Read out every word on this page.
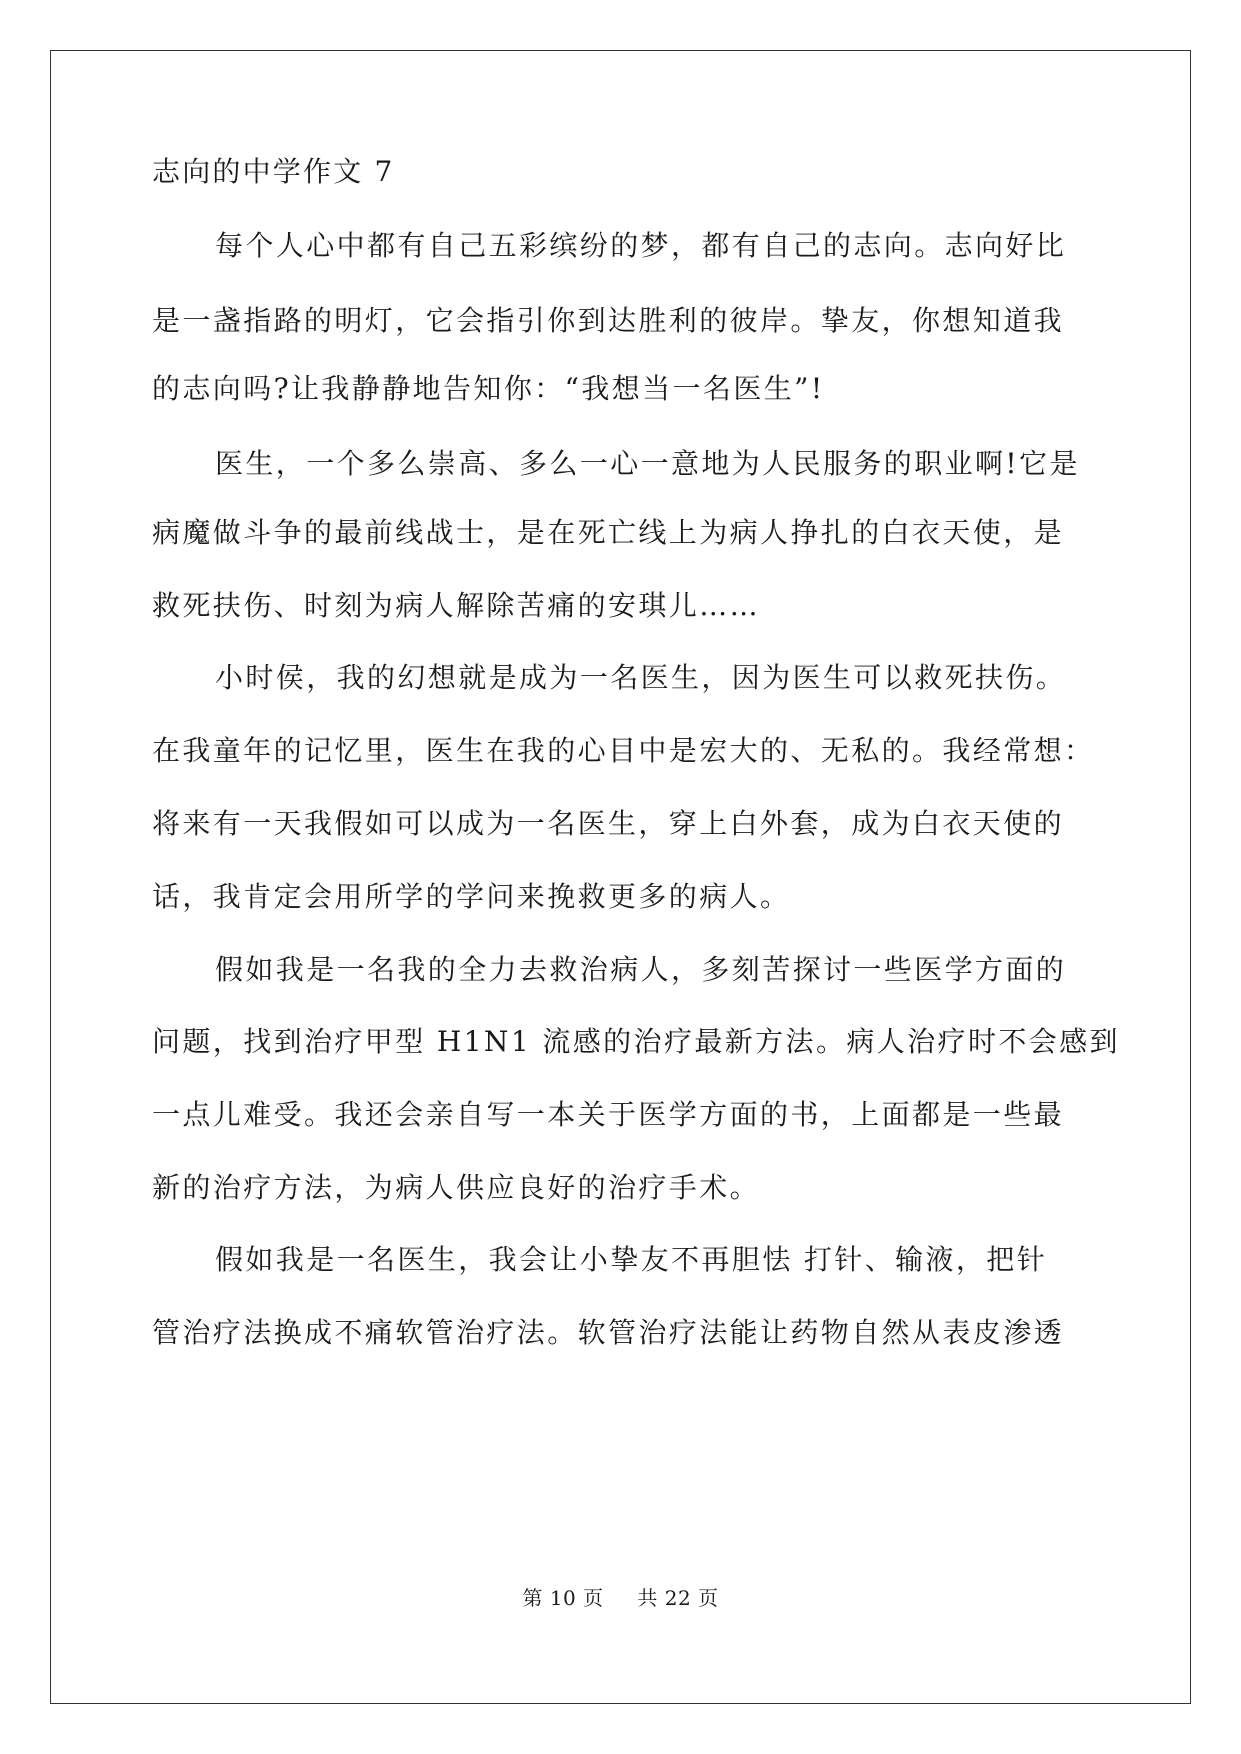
志向的中学作文 7
每个人心中都有自己五彩缤纷的梦，都有自己的志向。志向好比
是一盏指路的明灯，它会指引你到达胜利的彼岸。挚友，你想知道我
的志向吗?让我静静地告知你：“我想当一名医生”!
医生，一个多么崇高、多么一心一意地为人民服务的职业啊!它是
病魔做斗争的最前线战士，是在死亡线上为病人挣扎的白衣天使，是
救死扶伤、时刻为病人解除苦痛的安琪儿……
小时侯，我的幻想就是成为一名医生，因为医生可以救死扶伤。
在我童年的记忆里，医生在我的心目中是宏大的、无私的。我经常想：
将来有一天我假如可以成为一名医生，穿上白外套，成为白衣天使的
话，我肯定会用所学的学问来挽救更多的病人。
假如我是一名我的全力去救治病人，多刻苦探讨一些医学方面的
问题，找到治疗甲型 H1N1 流感的治疗最新方法。病人治疗时不会感到
一点儿难受。我还会亲自写一本关于医学方面的书，上面都是一些最
新的治疗方法，为病人供应良好的治疗手术。
假如我是一名医生，我会让小挚友不再胆怯 打针、输液，把针
管治疗法换成不痛软管治疗法。软管治疗法能让药物自然从表皮渗透
第 10 页 共 22 页
